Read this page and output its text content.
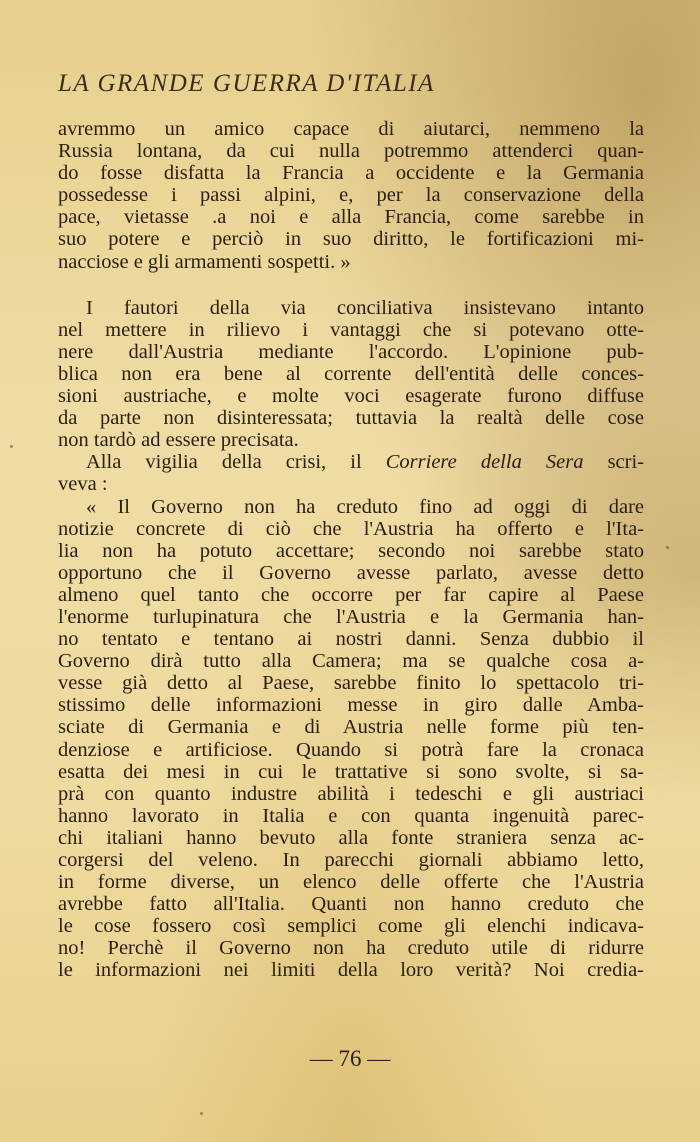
LA GRANDE GUERRA D'ITALIA
avremmo un amico capace di aiutarci, nemmeno la
Russia lontana, da cui nulla potremmo attenderci quan-
do fosse disfatta la Francia a occidente e la Germania
possedesse i passi alpini, e, per la conservazione della
pace, vietasse .a noi e alla Francia, come sarebbe in
suo potere e perciò in suo diritto, le fortificazioni mi-
nacciose e gli armamenti sospetti. »
I fautori della via conciliativa insistevano intanto
nel mettere in rilievo i vantaggi che si potevano otte-
nere dall'Austria mediante l'accordo. L'opinione pub-
blica non era bene al corrente dell'entità delle conces-
sioni austriache, e molte voci esagerate furono diffuse
da parte non disinteressata; tuttavia la realtà delle cose
non tardò ad essere precisata.
Alla vigilia della crisi, il Corriere della Sera scri-
veva :
« Il Governo non ha creduto fino ad oggi di dare
notizie concrete di ciò che l'Austria ha offerto e l'Ita-
lia non ha potuto accettare; secondo noi sarebbe stato
opportuno che il Governo avesse parlato, avesse detto
almeno quel tanto che occorre per far capire al Paese
l'enorme turlupinatura che l'Austria e la Germania han-
no tentato e tentano ai nostri danni. Senza dubbio il
Governo dirà tutto alla Camera; ma se qualche cosa a-
vesse già detto al Paese, sarebbe finito lo spettacolo tri-
stissimo delle informazioni messe in giro dalle Amba-
sciate di Germania e di Austria nelle forme più ten-
denziose e artificiose. Quando si potrà fare la cronaca
esatta dei mesi in cui le trattative si sono svolte, si sa-
prà con quanto industre abilità i tedeschi e gli austriaci
hanno lavorato in Italia e con quanta ingenuità parec-
chi italiani hanno bevuto alla fonte straniera senza ac-
corgersi del veleno. In parecchi giornali abbiamo letto,
in forme diverse, un elenco delle offerte che l'Austria
avrebbe fatto all'Italia. Quanti non hanno creduto che
le cose fossero così semplici come gli elenchi indicava-
no! Perchè il Governo non ha creduto utile di ridurre
le informazioni nei limiti della loro verità? Noi credia-
— 76 —
